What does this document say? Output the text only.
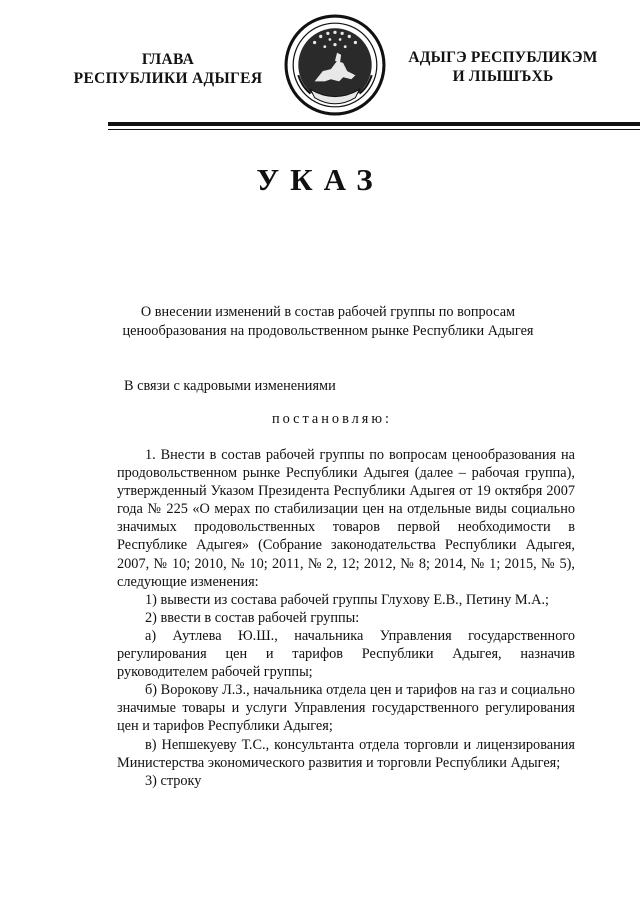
ГЛАВА
РЕСПУБЛИКИ АДЫГЕЯ
АДЫГЭ РЕСПУБЛИКЭМ
И ЛІЫШЪХЬ
УКАЗ
О внесении изменений в состав рабочей группы по вопросам ценообразования на продовольственном рынке Республики Адыгея
В связи с кадровыми изменениями
постановляю:

1. Внести в состав рабочей группы по вопросам ценообразования на продовольственном рынке Республики Адыгея (далее – рабочая группа), утвержденный Указом Президента Республики Адыгея от 19 октября 2007 года № 225 «О мерах по стабилизации цен на отдельные виды социально значимых продовольственных товаров первой необходимости в Республике Адыгея» (Собрание законодательства Республики Адыгея, 2007, № 10; 2010, № 10; 2011, № 2, 12; 2012, № 8; 2014, № 1; 2015, № 5), следующие изменения:

1) вывести из состава рабочей группы Глухову Е.В., Петину М.А.;

2) ввести в состав рабочей группы:

а) Аутлева Ю.Ш., начальника Управления государственного регулирования цен и тарифов Республики Адыгея, назначив руководителем рабочей группы;

б) Ворокову Л.З., начальника отдела цен и тарифов на газ и социально значимые товары и услуги Управления государственного регулирования цен и тарифов Республики Адыгея;

в) Непшекуеву Т.С., консультанта отдела торговли и лицензирования Министерства экономического развития и торговли Республики Адыгея;

3) строку
